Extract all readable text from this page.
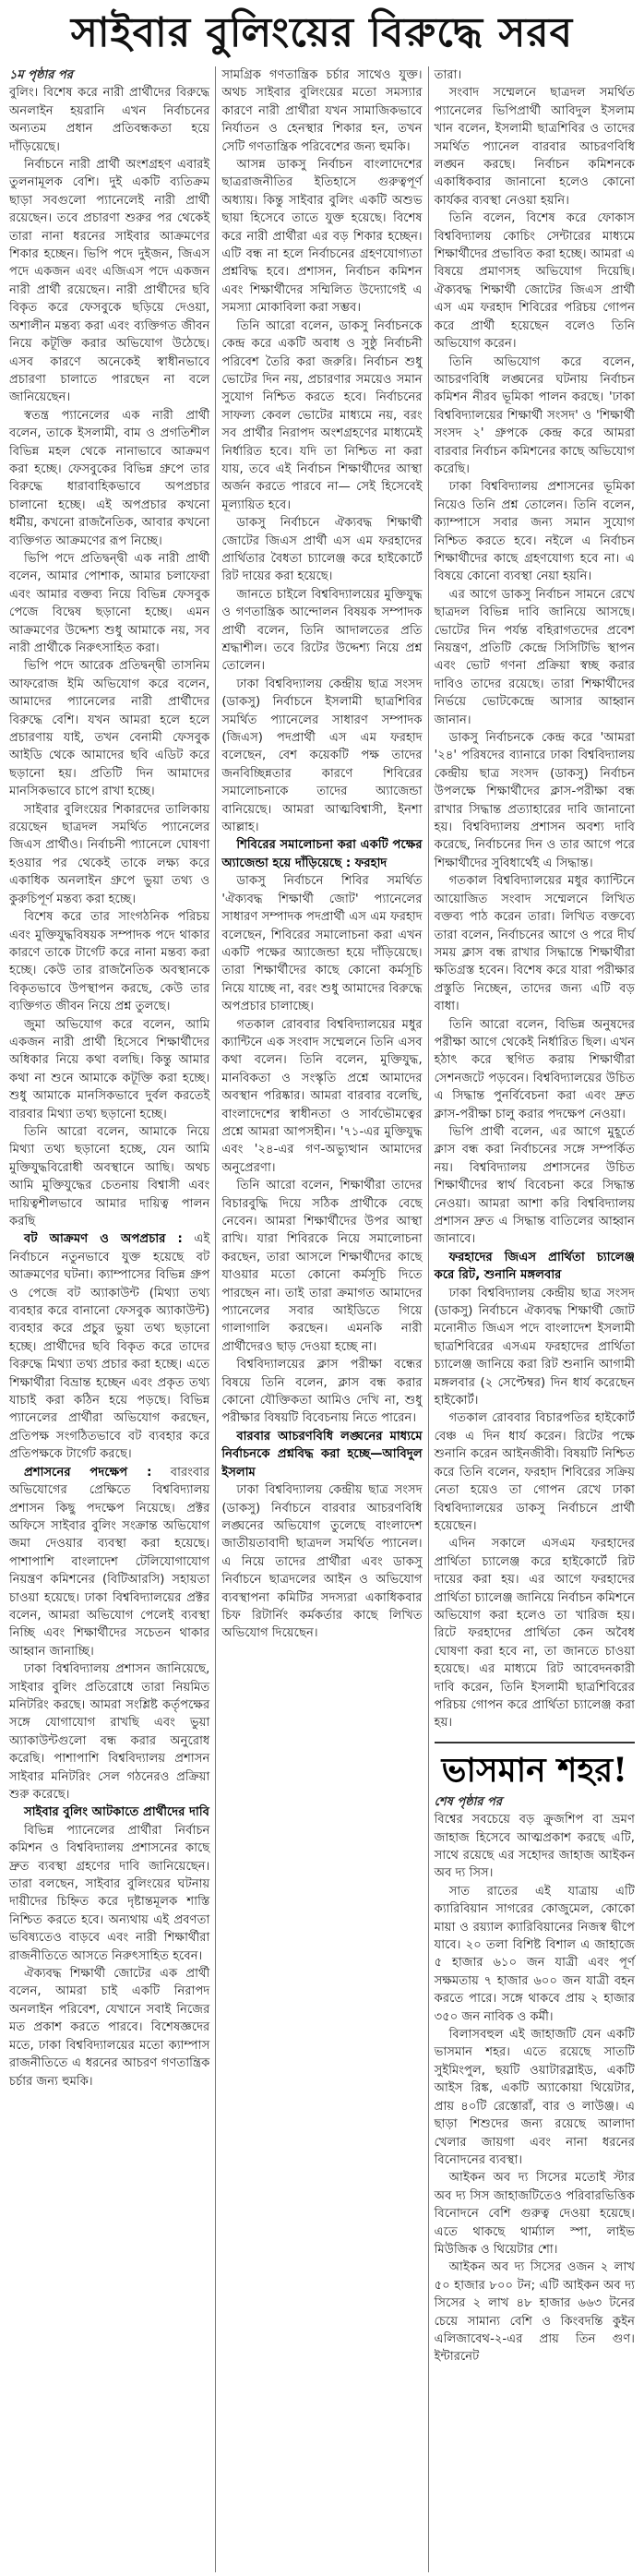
সাইবার বুলিংয়ের বিরুদ্ধে সরব

১ম পৃষ্ঠার পর

বুলিং। বিশেষ করে নারী প্রার্থীদের বিরুদ্ধে অনলাইন হয়রানি এখন নির্বাচনের অন্যতম প্রধান প্রতিবন্ধকতা হয়ে দাঁড়িয়েছে।

নির্বাচনে নারী প্রার্থী অংশগ্রহণ এবারই তুলনামূলক বেশি। দুই একটি ব্যতিক্রম ছাড়া সবগুলো প্যানেলেই নারী প্রার্থী রয়েছেন। তবে প্রচারণা শুরুর পর থেকেই তারা নানা ধরনের সাইবার আক্রমণের শিকার হচ্ছেন। ভিপি পদে দুইজন, জিএস পদে একজন এবং এজিএস পদে একজন নারী প্রার্থী রয়েছেন। নারী প্রার্থীদের ছবি বিকৃত করে ফেসবুকে ছড়িয়ে দেওয়া, অশালীন মন্তব্য করা এবং ব্যক্তিগত জীবন নিয়ে কটূক্তি করার অভিযোগ উঠেছে। এসব কারণে অনেকেই স্বাধীনভাবে প্রচারণা চালাতে পারছেন না বলে জানিয়েছেন।

স্বতন্ত্র প্যানেলের এক নারী প্রার্থী বলেন, তাকে ইসলামী, বাম ও প্রগতিশীল বিভিন্ন মহল থেকে নানাভাবে আক্রমণ করা হচ্ছে। ফেসবুকের বিভিন্ন গ্রুপে তার বিরুদ্ধে ধারাবাহিকভাবে অপপ্রচার চালানো হচ্ছে। এই অপপ্রচার কখনো ধর্মীয়, কখনো রাজনৈতিক, আবার কখনো ব্যক্তিগত আক্রমণের রূপ নিচ্ছে।

ভিপি পদে প্রতিদ্বন্দ্বী এক নারী প্রার্থী বলেন, আমার পোশাক, আমার চলাফেরা এবং আমার বক্তব্য নিয়ে বিভিন্ন ফেসবুক পেজে বিদ্বেষ ছড়ানো হচ্ছে। এমন আক্রমণের উদ্দেশ্য শুধু আমাকে নয়, সব নারী প্রার্থীকে নিরুৎসাহিত করা।

ভিপি পদে আরেক প্রতিদ্বন্দ্বী তাসনিম আফরোজ ইমি অভিযোগ করে বলেন, আমাদের প্যানেলের নারী প্রার্থীদের বিরুদ্ধে বেশি। যখন আমরা হলে হলে প্রচারণায় যাই, তখন বেনামী ফেসবুক আইডি থেকে আমাদের ছবি এডিট করে ছড়ানো হয়। প্রতিটি দিন আমাদের মানসিকভাবে চাপে রাখা হচ্ছে।

সাইবার বুলিংয়ের শিকারদের তালিকায় রয়েছেন ছাত্রদল সমর্থিত প্যানেলের জিএস প্রার্থীও। নির্বাচনী প্যানেলে ঘোষণা হওয়ার পর থেকেই তাকে লক্ষ্য করে একাধিক অনলাইন গ্রুপে ভুয়া তথ্য ও কুরুচিপূর্ণ মন্তব্য করা হচ্ছে।

বিশেষ করে তার সাংগঠনিক পরিচয় এবং মুক্তিযুদ্ধবিষয়ক সম্পাদক পদে থাকার কারণে তাকে টার্গেট করে নানা মন্তব্য করা হচ্ছে। কেউ তার রাজনৈতিক অবস্থানকে বিকৃতভাবে উপস্থাপন করছে, কেউ তার ব্যক্তিগত জীবন নিয়ে প্রশ্ন তুলছে।

জুমা অভিযোগ করে বলেন, আমি একজন নারী প্রার্থী হিসেবে শিক্ষার্থীদের অধিকার নিয়ে কথা বলছি। কিন্তু আমার কথা না শুনে আমাকে কটূক্তি করা হচ্ছে। শুধু আমাকে মানসিকভাবে দুর্বল করতেই বারবার মিথ্যা তথ্য ছড়ানো হচ্ছে।

তিনি আরো বলেন, আমাকে নিয়ে মিথ্যা তথ্য ছড়ানো হচ্ছে, যেন আমি মুক্তিযুদ্ধবিরোধী অবস্থানে আছি। অথচ আমি মুক্তিযুদ্ধের চেতনায় বিশ্বাসী এবং দায়িত্বশীলভাবে আমার দায়িত্ব পালন করছি

বট আক্রমণ ও অপপ্রচার : এই নির্বাচনে নতুনভাবে যুক্ত হয়েছে বট আক্রমণের ঘটনা। ক্যাম্পাসের বিভিন্ন গ্রুপ ও পেজে বট অ্যাকাউন্ট (মিথ্যা তথ্য ব্যবহার করে বানানো ফেসবুক অ্যাকাউন্ট) ব্যবহার করে প্রচুর ভুয়া তথ্য ছড়ানো হচ্ছে। প্রার্থীদের ছবি বিকৃত করে তাদের বিরুদ্ধে মিথ্যা তথ্য প্রচার করা হচ্ছে। এতে শিক্ষার্থীরা বিভ্রান্ত হচ্ছেন এবং প্রকৃত তথ্য যাচাই করা কঠিন হয়ে পড়ছে। বিভিন্ন প্যানেলের প্রার্থীরা অভিযোগ করছেন, প্রতিপক্ষ সংগঠিতভাবে বট ব্যবহার করে প্রতিপক্ষকে টার্গেট করছে।

প্রশাসনের পদক্ষেপ : বারংবার অভিযোগের প্রেক্ষিতে বিশ্ববিদ্যালয় প্রশাসন কিছু পদক্ষেপ নিয়েছে। প্রক্টর অফিসে সাইবার বুলিং সংক্রান্ত অভিযোগ জমা দেওয়ার ব্যবস্থা করা হয়েছে। পাশাপাশি বাংলাদেশ টেলিযোগাযোগ নিয়ন্ত্রণ কমিশনের (বিটিআরসি) সহায়তা চাওয়া হয়েছে। ঢাকা বিশ্ববিদ্যালয়ের প্রক্টর বলেন, আমরা অভিযোগ পেলেই ব্যবস্থা নিচ্ছি এবং শিক্ষার্থীদের সচেতন থাকার আহ্বান জানাচ্ছি।

ঢাকা বিশ্ববিদ্যালয় প্রশাসন জানিয়েছে, সাইবার বুলিং প্রতিরোধে তারা নিয়মিত মনিটরিং করছে। আমরা সংশ্লিষ্ট কর্তৃপক্ষের সঙ্গে যোগাযোগ রাখছি এবং ভুয়া অ্যাকাউন্টগুলো বন্ধ করার অনুরোধ করেছি। পাশাপাশি বিশ্ববিদ্যালয় প্রশাসন সাইবার মনিটরিং সেল গঠনেরও প্রক্রিয়া শুরু করেছে।

সাইবার বুলিং আটকাতে প্রার্থীদের দাবি

বিভিন্ন প্যানেলের প্রার্থীরা নির্বাচন কমিশন ও বিশ্ববিদ্যালয় প্রশাসনের কাছে দ্রুত ব্যবস্থা গ্রহণের দাবি জানিয়েছেন। তারা বলছেন, সাইবার বুলিংয়ের ঘটনায় দায়ীদের চিহ্নিত করে দৃষ্টান্তমূলক শাস্তি নিশ্চিত করতে হবে। অন্যথায় এই প্রবণতা ভবিষ্যতেও বাড়বে এবং নারী শিক্ষার্থীরা রাজনীতিতে আসতে নিরুৎসাহিত হবেন।

ঐক্যবদ্ধ শিক্ষার্থী জোটের এক প্রার্থী বলেন, আমরা চাই একটি নিরাপদ অনলাইন পরিবেশ, যেখানে সবাই নিজের মত প্রকাশ করতে পারবে। বিশেষজ্ঞদের মতে, ঢাকা বিশ্ববিদ্যালয়ের মতো ক্যাম্পাস রাজনীতিতে এ ধরনের আচরণ গণতান্ত্রিক চর্চার জন্য হুমকি।

সামগ্রিক গণতান্ত্রিক চর্চার সাথেও যুক্ত। অথচ সাইবার বুলিংয়ের মতো সমস্যার কারণে নারী প্রার্থীরা যখন সামাজিকভাবে নির্যাতন ও হেনস্থার শিকার হন, তখন সেটি গণতান্ত্রিক পরিবেশের জন্য হুমকি।

আসন্ন ডাকসু নির্বাচন বাংলাদেশের ছাত্ররাজনীতির ইতিহাসে গুরুত্বপূর্ণ অধ্যায়। কিন্তু সাইবার বুলিং একটি অশুভ ছায়া হিসেবে তাতে যুক্ত হয়েছে। বিশেষ করে নারী প্রার্থীরা এর বড় শিকার হচ্ছেন। এটি বন্ধ না হলে নির্বাচনের গ্রহণযোগ্যতা প্রশ্নবিদ্ধ হবে। প্রশাসন, নির্বাচন কমিশন এবং শিক্ষার্থীদের সম্মিলিত উদ্যোগেই এ সমস্যা মোকাবিলা করা সম্ভব।

তিনি আরো বলেন, ডাকসু নির্বাচনকে কেন্দ্র করে একটি অবাধ ও সুষ্ঠু নির্বাচনী পরিবেশ তৈরি করা জরুরি। নির্বাচন শুধু ভোটের দিন নয়, প্রচারণার সময়েও সমান সুযোগ নিশ্চিত করতে হবে। নির্বাচনের সাফল্য কেবল ভোটের মাধ্যমে নয়, বরং সব প্রার্থীর নিরাপদ অংশগ্রহণের মাধ্যমেই নির্ধারিত হবে। যদি তা নিশ্চিত না করা যায়, তবে এই নির্বাচন শিক্ষার্থীদের আস্থা অর্জন করতে পারবে না— সেই হিসেবেই মূল্যায়িত হবে।

ডাকসু নির্বাচনে ঐক্যবদ্ধ শিক্ষার্থী জোটের জিএস প্রার্থী এস এম ফরহাদের প্রার্থিতার বৈধতা চ্যালেঞ্জ করে হাইকোর্টে রিট দায়ের করা হয়েছে।

জানতে চাইলে বিশ্ববিদ্যালয়ের মুক্তিযুদ্ধ ও গণতান্ত্রিক আন্দোলন বিষয়ক সম্পাদক প্রার্থী বলেন, তিনি আদালতের প্রতি শ্রদ্ধাশীল। তবে রিটের উদ্দেশ্য নিয়ে প্রশ্ন তোলেন।

ঢাকা বিশ্ববিদ্যালয় কেন্দ্রীয় ছাত্র সংসদ (ডাকসু) নির্বাচনে ইসলামী ছাত্রশিবির সমর্থিত প্যানেলের সাধারণ সম্পাদক (জিএস) পদপ্রার্থী এস এম ফরহাদ বলেছেন, বেশ কয়েকটি পক্ষ তাদের জনবিচ্ছিন্নতার কারণে শিবিরের সমালোচনাকে তাদের অ্যাজেন্ডা বানিয়েছে। আমরা আত্মবিশ্বাসী, ইনশা আল্লাহ।

শিবিরের সমালোচনা করা একটি পক্ষের অ্যাজেন্ডা হয়ে দাঁড়িয়েছে : ফরহাদ

ডাকসু নির্বাচনে শিবির সমর্থিত 'ঐক্যবদ্ধ শিক্ষার্থী জোট' প্যানেলের সাধারণ সম্পাদক পদপ্রার্থী এস এম ফরহাদ বলেছেন, শিবিরের সমালোচনা করা এখন একটি পক্ষের অ্যাজেন্ডা হয়ে দাঁড়িয়েছে। তারা শিক্ষার্থীদের কাছে কোনো কর্মসূচি নিয়ে যাচ্ছে না, বরং শুধু আমাদের বিরুদ্ধে অপপ্রচার চালাচ্ছে।

গতকাল রোববার বিশ্ববিদ্যালয়ের মধুর ক্যান্টিনে এক সংবাদ সম্মেলনে তিনি এসব কথা বলেন। তিনি বলেন, মুক্তিযুদ্ধ, মানবিকতা ও সংস্কৃতি প্রশ্নে আমাদের অবস্থান পরিষ্কার। আমরা বারবার বলেছি, বাংলাদেশের স্বাধীনতা ও সার্বভৌমত্বের প্রশ্নে আমরা আপসহীন। '৭১-এর মুক্তিযুদ্ধ এবং '২৪-এর গণ-অভ্যুত্থান আমাদের অনুপ্রেরণা।

তিনি আরো বলেন, শিক্ষার্থীরা তাদের বিচারবুদ্ধি দিয়ে সঠিক প্রার্থীকে বেছে নেবেন। আমরা শিক্ষার্থীদের উপর আস্থা রাখি। যারা শিবিরকে নিয়ে সমালোচনা করছেন, তারা আসলে শিক্ষার্থীদের কাছে যাওয়ার মতো কোনো কর্মসূচি দিতে পারছেন না। তাই তারা ক্রমাগত আমাদের প্যানেলের সবার আইডিতে গিয়ে গালাগালি করছেন। এমনকি নারী প্রার্থীদেরও ছাড় দেওয়া হচ্ছে না।

বিশ্ববিদ্যালয়ের ক্লাস পরীক্ষা বন্ধের বিষয়ে তিনি বলেন, ক্লাস বন্ধ করার কোনো যৌক্তিকতা আমিও দেখি না, শুধু পরীক্ষার বিষয়টি বিবেচনায় নিতে পারেন।

বারবার আচরণবিধি লঙ্ঘনের মাধ্যমে নির্বাচনকে প্রশ্নবিদ্ধ করা হচ্ছে—আবিদুল ইসলাম

ঢাকা বিশ্ববিদ্যালয় কেন্দ্রীয় ছাত্র সংসদ (ডাকসু) নির্বাচনে বারবার আচরণবিধি লঙ্ঘনের অভিযোগ তুলেছে বাংলাদেশ জাতীয়তাবাদী ছাত্রদল সমর্থিত প্যানেল। এ নিয়ে তাদের প্রার্থীরা এবং ডাকসু নির্বাচনে ছাত্রদলের আইন ও অভিযোগ ব্যবস্থাপনা কমিটির সদস্যরা একাধিকবার চিফ রিটার্নিং কর্মকর্তার কাছে লিখিত অভিযোগ দিয়েছেন।

তারা।

সংবাদ সম্মেলনে ছাত্রদল সমর্থিত প্যানেলের ভিপিপ্রার্থী আবিদুল ইসলাম খান বলেন, ইসলামী ছাত্রশিবির ও তাদের সমর্থিত প্যানেল বারবার আচরণবিধি লঙ্ঘন করছে। নির্বাচন কমিশনকে একাধিকবার জানানো হলেও কোনো কার্যকর ব্যবস্থা নেওয়া হয়নি।

তিনি বলেন, বিশেষ করে ফোকাস বিশ্ববিদ্যালয় কোচিং সেন্টারের মাধ্যমে শিক্ষার্থীদের প্রভাবিত করা হচ্ছে। আমরা এ বিষয়ে প্রমাণসহ অভিযোগ দিয়েছি। ঐক্যবদ্ধ শিক্ষার্থী জোটের জিএস প্রার্থী এস এম ফরহাদ শিবিরের পরিচয় গোপন করে প্রার্থী হয়েছেন বলেও তিনি অভিযোগ করেন।

তিনি অভিযোগ করে বলেন, আচরণবিধি লঙ্ঘনের ঘটনায় নির্বাচন কমিশন নীরব ভূমিকা পালন করছে। 'ঢাকা বিশ্ববিদ্যালয়ের শিক্ষার্থী সংসদ' ও 'শিক্ষার্থী সংসদ ২' গ্রুপকে কেন্দ্র করে আমরা বারবার নির্বাচন কমিশনের কাছে অভিযোগ করেছি।

ঢাকা বিশ্ববিদ্যালয় প্রশাসনের ভূমিকা নিয়েও তিনি প্রশ্ন তোলেন। তিনি বলেন, ক্যাম্পাসে সবার জন্য সমান সুযোগ নিশ্চিত করতে হবে। নইলে এ নির্বাচন শিক্ষার্থীদের কাছে গ্রহণযোগ্য হবে না। এ বিষয়ে কোনো ব্যবস্থা নেয়া হয়নি।

এর আগে ডাকসু নির্বাচন সামনে রেখে ছাত্রদল বিভিন্ন দাবি জানিয়ে আসছে। ভোটের দিন পর্যন্ত বহিরাগতদের প্রবেশ নিয়ন্ত্রণ, প্রতিটি কেন্দ্রে সিসিটিভি স্থাপন এবং ভোট গণনা প্রক্রিয়া স্বচ্ছ করার দাবিও তাদের রয়েছে। তারা শিক্ষার্থীদের নির্ভয়ে ভোটকেন্দ্রে আসার আহ্বান জানান।

ডাকসু নির্বাচনকে কেন্দ্র করে 'আমরা '২৪' পরিষদের ব্যানারে ঢাকা বিশ্ববিদ্যালয় কেন্দ্রীয় ছাত্র সংসদ (ডাকসু) নির্বাচন উপলক্ষে শিক্ষার্থীদের ক্লাস-পরীক্ষা বন্ধ রাখার সিদ্ধান্ত প্রত্যাহারের দাবি জানানো হয়। বিশ্ববিদ্যালয় প্রশাসন অবশ্য দাবি করেছে, নির্বাচনের দিন ও তার আগে পরে শিক্ষার্থীদের সুবিধার্থেই এ সিদ্ধান্ত।

গতকাল বিশ্ববিদ্যালয়ের মধুর ক্যান্টিনে আয়োজিত সংবাদ সম্মেলনে লিখিত বক্তব্য পাঠ করেন তারা। লিখিত বক্তব্যে তারা বলেন, নির্বাচনের আগে ও পরে দীর্ঘ সময় ক্লাস বন্ধ রাখার সিদ্ধান্তে শিক্ষার্থীরা ক্ষতিগ্রস্ত হবেন। বিশেষ করে যারা পরীক্ষার প্রস্তুতি নিচ্ছেন, তাদের জন্য এটি বড় বাধা।

তিনি আরো বলেন, বিভিন্ন অনুষদের পরীক্ষা আগে থেকেই নির্ধারিত ছিল। এখন হঠাৎ করে স্থগিত করায় শিক্ষার্থীরা সেশনজটে পড়বেন। বিশ্ববিদ্যালয়ের উচিত এ সিদ্ধান্ত পুনর্বিবেচনা করা এবং দ্রুত ক্লাস-পরীক্ষা চালু করার পদক্ষেপ নেওয়া।

ভিপি প্রার্থী বলেন, এর আগে মুহূর্তে ক্লাস বন্ধ করা নির্বাচনের সঙ্গে সম্পর্কিত নয়। বিশ্ববিদ্যালয় প্রশাসনের উচিত শিক্ষার্থীদের স্বার্থ বিবেচনা করে সিদ্ধান্ত নেওয়া। আমরা আশা করি বিশ্ববিদ্যালয় প্রশাসন দ্রুত এ সিদ্ধান্ত বাতিলের আহ্বান জানাবে।

ফরহাদের জিএস প্রার্থিতা চ্যালেঞ্জ করে রিট, শুনানি মঙ্গলবার

ঢাকা বিশ্ববিদ্যালয় কেন্দ্রীয় ছাত্র সংসদ (ডাকসু) নির্বাচনে ঐক্যবদ্ধ শিক্ষার্থী জোট মনোনীত জিএস পদে বাংলাদেশ ইসলামী ছাত্রশিবিরের এসএম ফরহাদের প্রার্থিতা চ্যালেঞ্জ জানিয়ে করা রিট শুনানি আগামী মঙ্গলবার (২ সেপ্টেম্বর) দিন ধার্য করেছেন হাইকোর্ট।

গতকাল রোববার বিচারপতির হাইকোর্ট বেঞ্চ এ দিন ধার্য করেন। রিটের পক্ষে শুনানি করেন আইনজীবী। বিষয়টি নিশ্চিত করে তিনি বলেন, ফরহাদ শিবিরের সক্রিয় নেতা হয়েও তা গোপন রেখে ঢাকা বিশ্ববিদ্যালয়ের ডাকসু নির্বাচনে প্রার্থী হয়েছেন।

এদিন সকালে এসএম ফরহাদের প্রার্থিতা চ্যালেঞ্জ করে হাইকোর্টে রিট দায়ের করা হয়। এর আগে ফরহাদের প্রার্থিতা চ্যালেঞ্জ জানিয়ে নির্বাচন কমিশনে অভিযোগ করা হলেও তা খারিজ হয়। রিটে ফরহাদের প্রার্থিতা কেন অবৈধ ঘোষণা করা হবে না, তা জানতে চাওয়া হয়েছে। এর মাধ্যমে রিট আবেদনকারী দাবি করেন, তিনি ইসলামী ছাত্রশিবিরের পরিচয় গোপন করে প্রার্থিতা চ্যালেঞ্জ করা হয়।

ভাসমান শহর!

শেষ পৃষ্ঠার পর

বিশ্বের সবচেয়ে বড় ক্রুজশিপ বা ভ্রমণ জাহাজ হিসেবে আত্মপ্রকাশ করছে এটি, সাথে রয়েছে এর সহোদর জাহাজ আইকন অব দ্য সিস।

সাত রাতের এই যাত্রায় এটি ক্যারিবিয়ান সাগরের কোজুমেল, কোকো মায়া ও রয়্যাল ক্যারিবিয়ানের নিজস্ব দ্বীপে যাবে। ২০ তলা বিশিষ্ট বিশাল এ জাহাজে ৫ হাজার ৬১০ জন যাত্রী এবং পূর্ণ সক্ষমতায় ৭ হাজার ৬০০ জন যাত্রী বহন করতে পারে। সঙ্গে থাকবে প্রায় ২ হাজার ৩৫০ জন নাবিক ও কর্মী।

বিলাসবহুল এই জাহাজটি যেন একটি ভাসমান শহর। এতে রয়েছে সাতটি সুইমিংপুল, ছয়টি ওয়াটারস্লাইড, একটি আইস রিঙ্ক, একটি অ্যাকোয়া থিয়েটার, প্রায় ৪০টি রেস্তোরাঁ, বার ও লাউঞ্জ। এ ছাড়া শিশুদের জন্য রয়েছে আলাদা খেলার জায়গা এবং নানা ধরনের বিনোদনের ব্যবস্থা।

আইকন অব দ্য সিসের মতোই স্টার অব দ্য সিস জাহাজটিতেও পরিবারভিত্তিক বিনোদনে বেশি গুরুত্ব দেওয়া হয়েছে। এতে থাকছে থার্ম্যাল স্পা, লাইভ মিউজিক ও থিয়েটার শো।

আইকন অব দ্য সিসের ওজন ২ লাখ ৫০ হাজার ৮০০ টন; এটি আইকন অব দ্য সিসের ২ লাখ ৪৮ হাজার ৬৬৩ টনের চেয়ে সামান্য বেশি ও কিংবদন্তি কুইন এলিজাবেথ-২-এর প্রায় তিন গুণ। ইন্টারনেট
